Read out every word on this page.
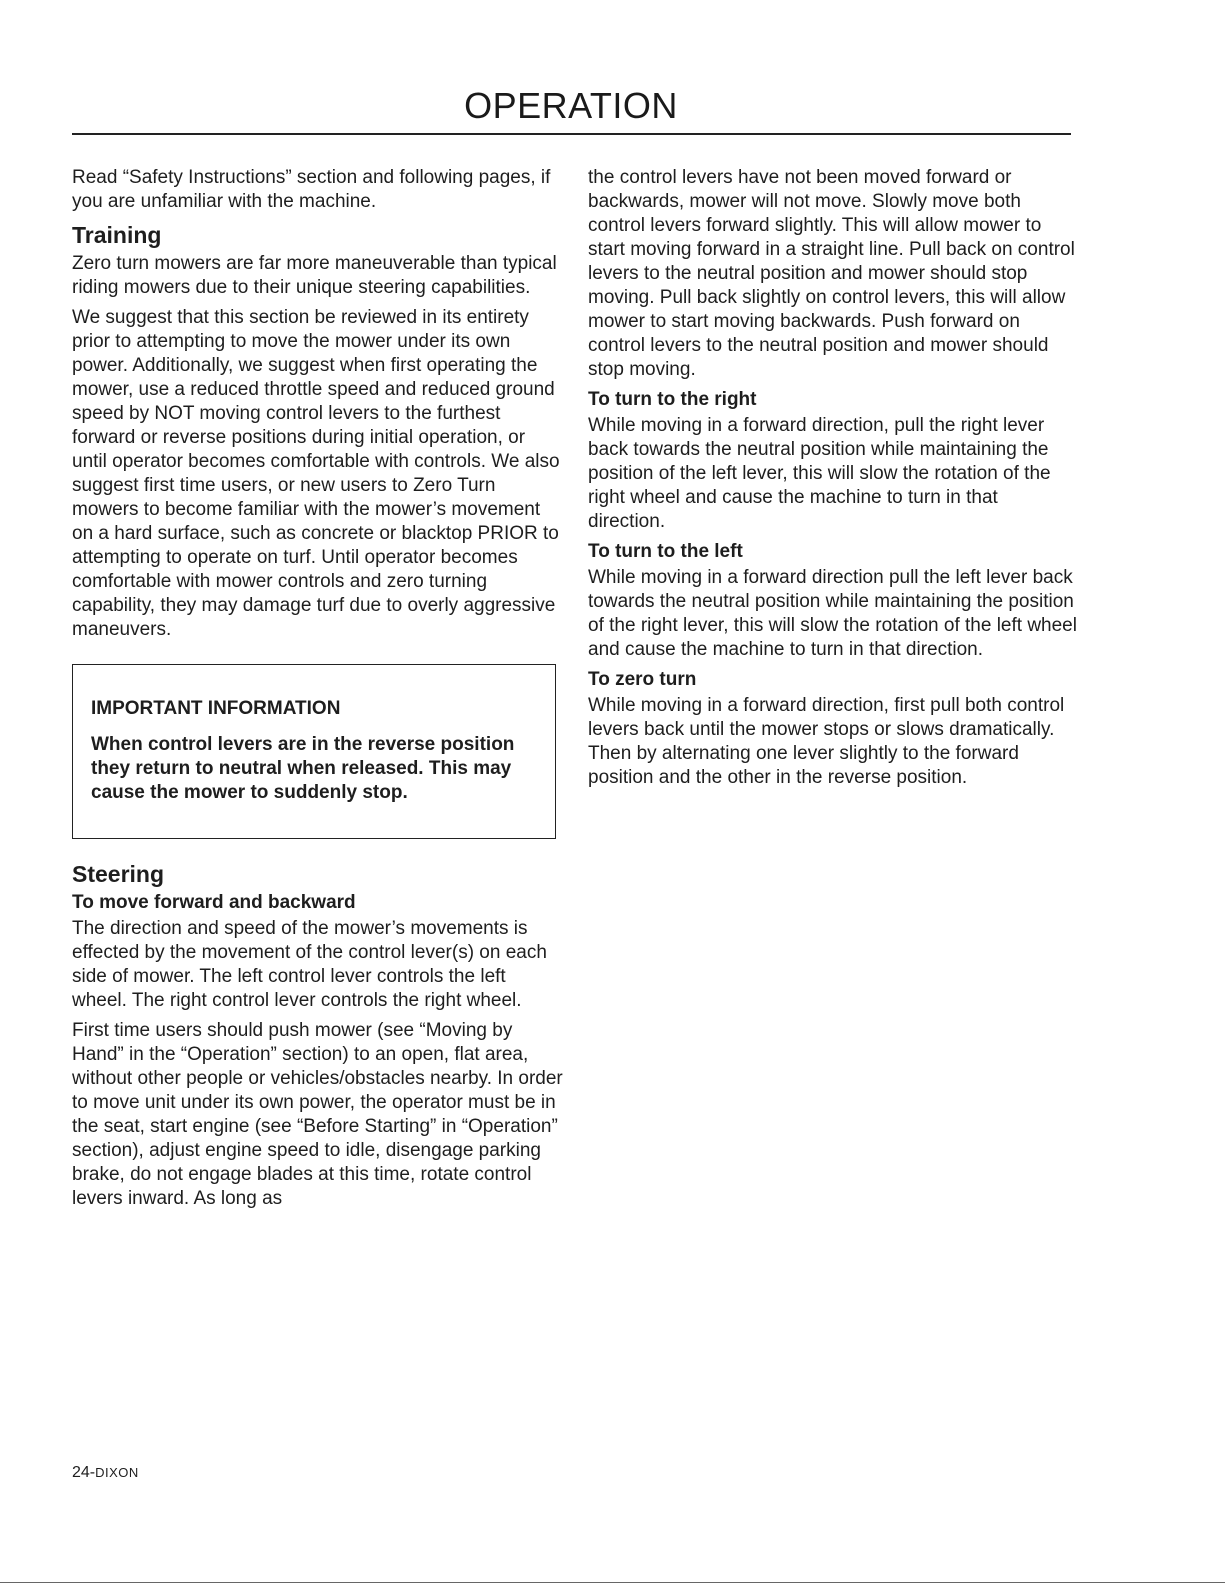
OPERATION

Read “Safety Instructions” section and following pages, if you are unfamiliar with the machine.

Training

Zero turn mowers are far more maneuverable than typical riding mowers due to their unique steering capabilities.

We suggest that this section be reviewed in its entirety prior to attempting to move the mower under its own power. Additionally, we suggest when first operating the mower, use a reduced throttle speed and reduced ground speed by NOT moving control levers to the furthest forward or reverse positions during initial operation, or until operator becomes comfortable with controls. We also suggest first time users, or new users to Zero Turn mowers to become familiar with the mower’s movement on a hard surface, such as concrete or blacktop PRIOR to attempting to operate on turf. Until operator becomes comfortable with mower controls and zero turning capability, they may damage turf due to overly aggressive maneuvers.

IMPORTANT INFORMATION

When control levers are in the reverse position they return to neutral when released. This may cause the mower to suddenly stop.

Steering
To move forward and backward

The direction and speed of the mower’s movements is effected by the movement of the control lever(s) on each side of mower. The left control lever controls the left wheel. The right control lever controls the right wheel.

First time users should push mower (see “Moving by Hand” in the “Operation” section) to an open, flat area, without other people or vehicles/obstacles nearby. In order to move unit under its own power, the operator must be in the seat, start engine (see “Before Starting” in “Operation” section), adjust engine speed to idle, disengage parking brake, do not engage blades at this time, rotate control levers inward. As long as

the control levers have not been moved forward or backwards, mower will not move. Slowly move both control levers forward slightly. This will allow mower to start moving forward in a straight line. Pull back on control levers to the neutral position and mower should stop moving. Pull back slightly on control levers, this will allow mower to start moving backwards. Push forward on control levers to the neutral position and mower should stop moving.

To turn to the right

While moving in a forward direction, pull the right lever back towards the neutral position while maintaining the position of the left lever, this will slow the rotation of the right wheel and cause the machine to turn in that direction.

To turn to the left

While moving in a forward direction pull the left lever back towards the neutral position while maintaining the position of the right lever, this will slow the rotation of the left wheel and cause the machine to turn in that direction.

To zero turn

While moving in a forward direction, first pull both control levers back until the mower stops or slows dramatically. Then by alternating one lever slightly to the forward position and the other in the reverse position.

24-DIXON
